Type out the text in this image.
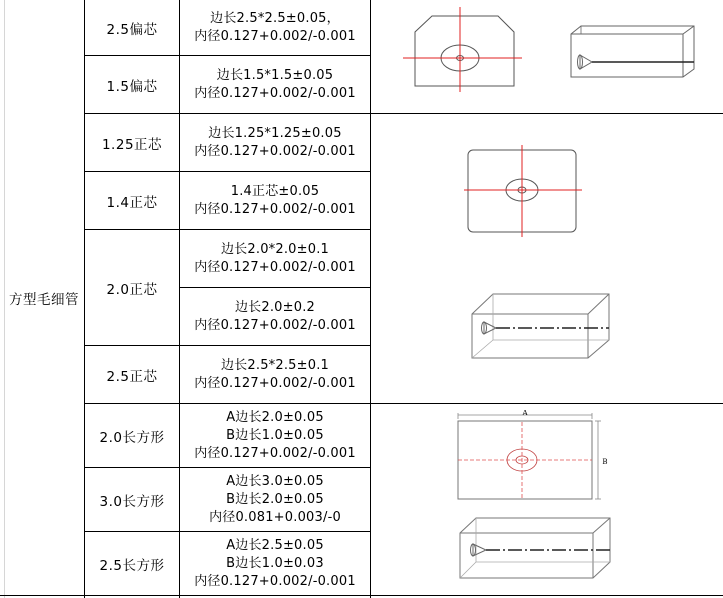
方型毛细管
2.5偏芯
1.5偏芯
1.25正芯
1.4正芯
2.0正芯
2.5正芯
2.0长方形
3.0长方形
2.5长方形
边长2.5*2.5±0.05，
内径0.127+0.002/-0.001
边长1.5*1.5±0.05
内径0.127+0.002/-0.001
边长1.25*1.25±0.05
内径0.127+0.002/-0.001
1.4正芯±0.05
内径0.127+0.002/-0.001
边长2.0*2.0±0.1
内径0.127+0.002/-0.001
边长2.0±0.2
内径0.127+0.002/-0.001
边长2.5*2.5±0.1
内径0.127+0.002/-0.001
A边长2.0±0.05
B边长1.0±0.05
内径0.127+0.002/-0.001
A边长3.0±0.05
B边长2.0±0.05
内径0.081+0.003/-0
A边长2.5±0.05
B边长1.0±0.03
内径0.127+0.002/-0.001
A
B
